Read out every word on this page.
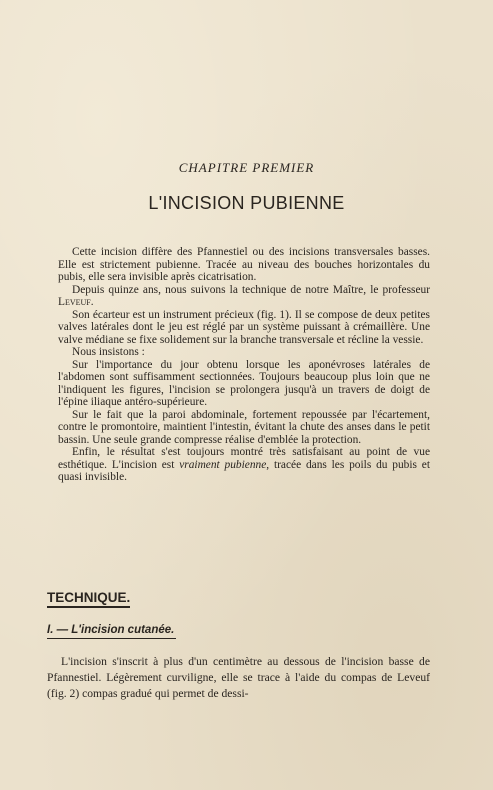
CHAPITRE PREMIER
L'INCISION PUBIENNE

Cette incision diffère des Pfannestiel ou des incisions transversales basses. Elle est strictement pubienne. Tracée au niveau des bouches horizontales du pubis, elle sera invisible après cicatrisation.

Depuis quinze ans, nous suivons la technique de notre Maître, le professeur Leveuf.

Son écarteur est un instrument précieux (fig. 1). Il se compose de deux petites valves latérales dont le jeu est réglé par un système puissant à crémaillère. Une valve médiane se fixe solidement sur la branche transversale et récline la vessie.

Nous insistons :

Sur l'importance du jour obtenu lorsque les aponévroses latérales de l'abdomen sont suffisamment sectionnées. Toujours beaucoup plus loin que ne l'indiquent les figures, l'incision se prolongera jusqu'à un travers de doigt de l'épine iliaque antéro-supérieure.

Sur le fait que la paroi abdominale, fortement repoussée par l'écartement, contre le promontoire, maintient l'intestin, évitant la chute des anses dans le petit bassin. Une seule grande compresse réalise d'emblée la protection.

Enfin, le résultat s'est toujours montré très satisfaisant au point de vue esthétique. L'incision est vraiment pubienne, tracée dans les poils du pubis et quasi invisible.

TECHNIQUE.
I. — L'incision cutanée.

L'incision s'inscrit à plus d'un centimètre au dessous de l'incision basse de Pfannestiel. Légèrement curviligne, elle se trace à l'aide du compas de Leveuf (fig. 2) compas gradué qui permet de dessi-
